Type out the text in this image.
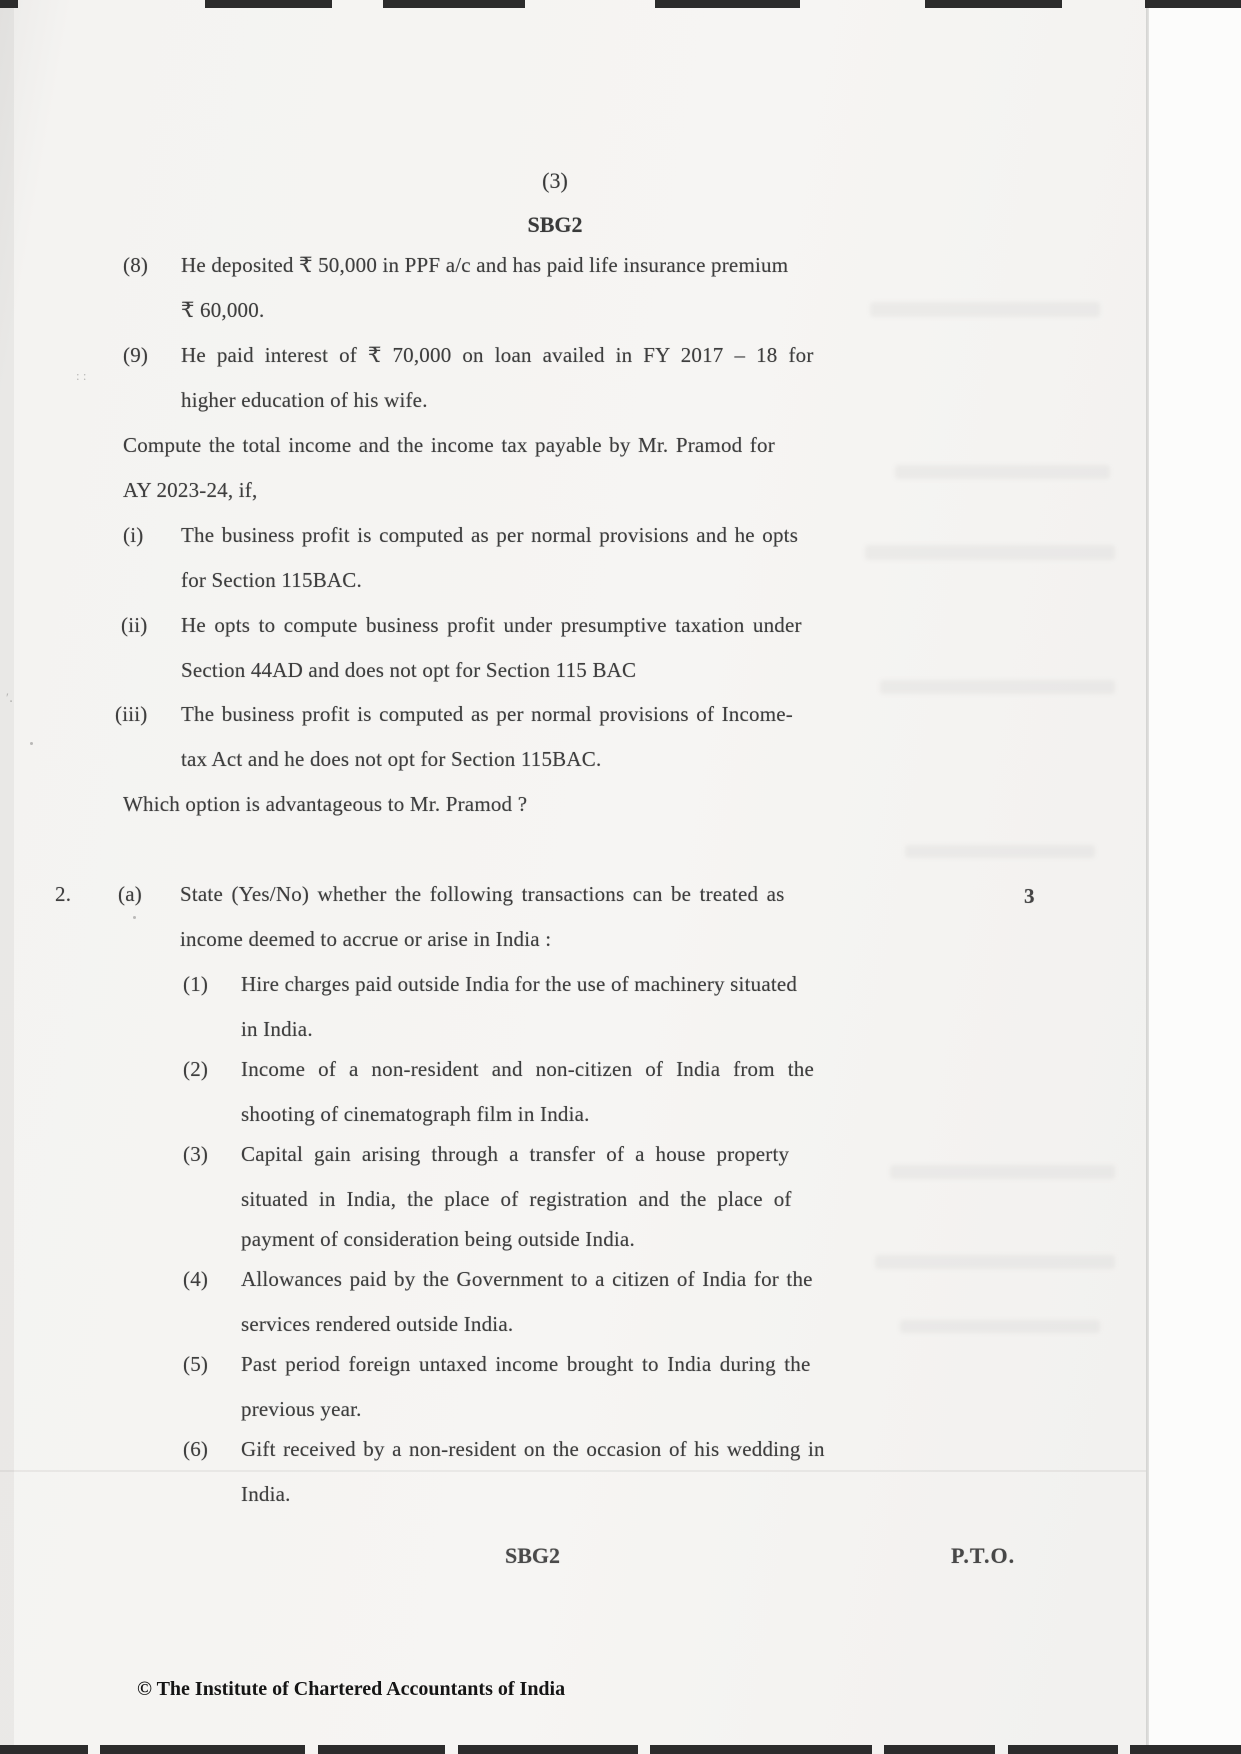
: :
′․
(3)
SBG2
(8) He deposited ₹ 50,000 in PPF a/c and has paid life insurance premium
₹ 60,000.
(9) He paid interest of ₹ 70,000 on loan availed in FY 2017 – 18 for
higher education of his wife.
Compute the total income and the income tax payable by Mr. Pramod for
AY 2023-24, if,
(i) The business profit is computed as per normal provisions and he opts
for Section 115BAC.
(ii) He opts to compute business profit under presumptive taxation under
Section 44AD and does not opt for Section 115 BAC
(iii) The business profit is computed as per normal provisions of Income-
tax Act and he does not opt for Section 115BAC.
Which option is advantageous to Mr. Pramod ?
2. (a) State (Yes/No) whether the following transactions can be treated as	3
income deemed to accrue or arise in India :
(1) Hire charges paid outside India for the use of machinery situated
in India.
(2) Income of a non-resident and non-citizen of India from the
shooting of cinematograph film in India.
(3) Capital gain arising through a transfer of a house property
situated in India, the place of registration and the place of
payment of consideration being outside India.
(4) Allowances paid by the Government to a citizen of India for the
services rendered outside India.
(5) Past period foreign untaxed income brought to India during the
previous year.
(6) Gift received by a non-resident on the occasion of his wedding in
India.
SBG2	P.T.O.
© The Institute of Chartered Accountants of India
